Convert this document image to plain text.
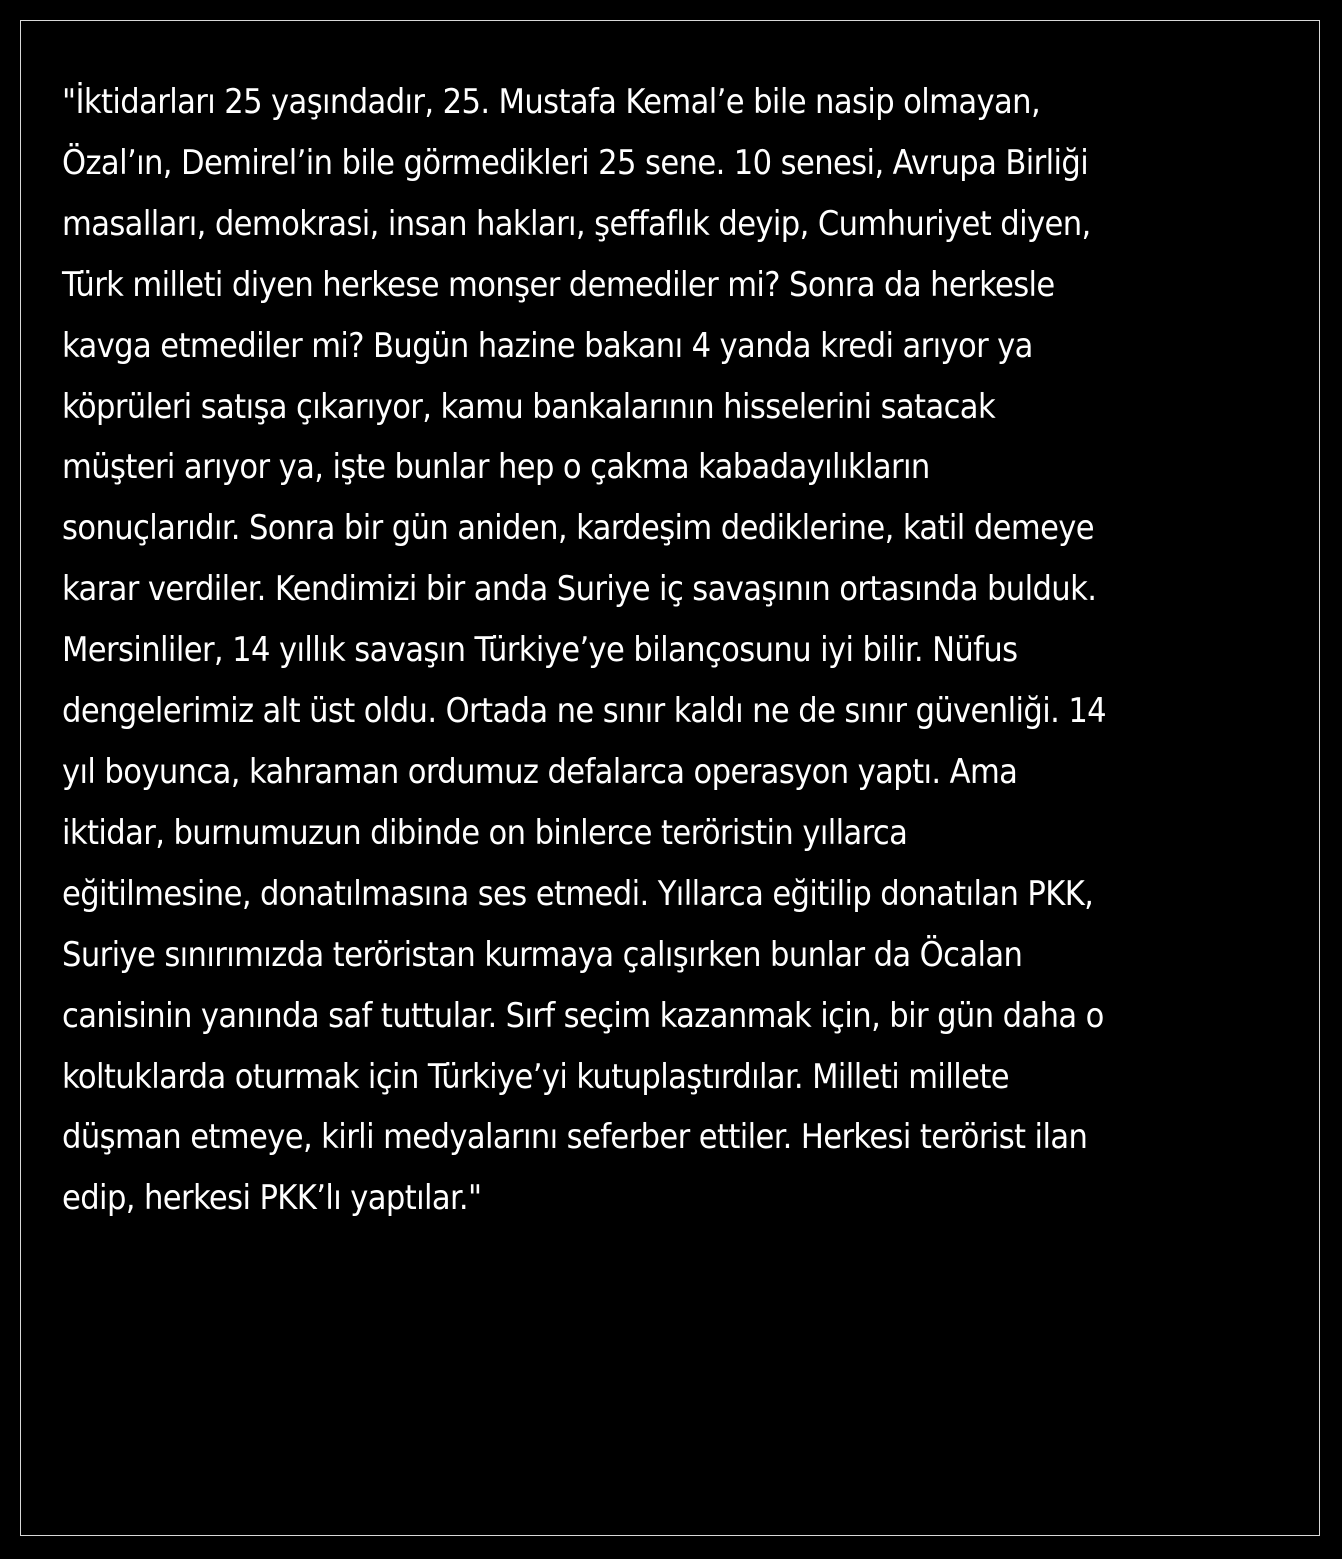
"İktidarları 25 yaşındadır, 25. Mustafa Kemal’e bile nasip olmayan,
Özal’ın, Demirel’in bile görmedikleri 25 sene. 10 senesi, Avrupa Birliği
masalları, demokrasi, insan hakları, şeffaflık deyip, Cumhuriyet diyen,
Türk milleti diyen herkese monşer demediler mi? Sonra da herkesle
kavga etmediler mi? Bugün hazine bakanı 4 yanda kredi arıyor ya
köprüleri satışa çıkarıyor, kamu bankalarının hisselerini satacak
müşteri arıyor ya, işte bunlar hep o çakma kabadayılıkların
sonuçlarıdır. Sonra bir gün aniden, kardeşim dediklerine, katil demeye
karar verdiler. Kendimizi bir anda Suriye iç savaşının ortasında bulduk.
Mersinliler, 14 yıllık savaşın Türkiye’ye bilançosunu iyi bilir. Nüfus
dengelerimiz alt üst oldu. Ortada ne sınır kaldı ne de sınır güvenliği. 14
yıl boyunca, kahraman ordumuz defalarca operasyon yaptı. Ama
iktidar, burnumuzun dibinde on binlerce teröristin yıllarca
eğitilmesine, donatılmasına ses etmedi. Yıllarca eğitilip donatılan PKK,
Suriye sınırımızda teröristan kurmaya çalışırken bunlar da Öcalan
canisinin yanında saf tuttular. Sırf seçim kazanmak için, bir gün daha o
koltuklarda oturmak için Türkiye’yi kutuplaştırdılar. Milleti millete
düşman etmeye, kirli medyalarını seferber ettiler. Herkesi terörist ilan
edip, herkesi PKK’lı yaptılar."
